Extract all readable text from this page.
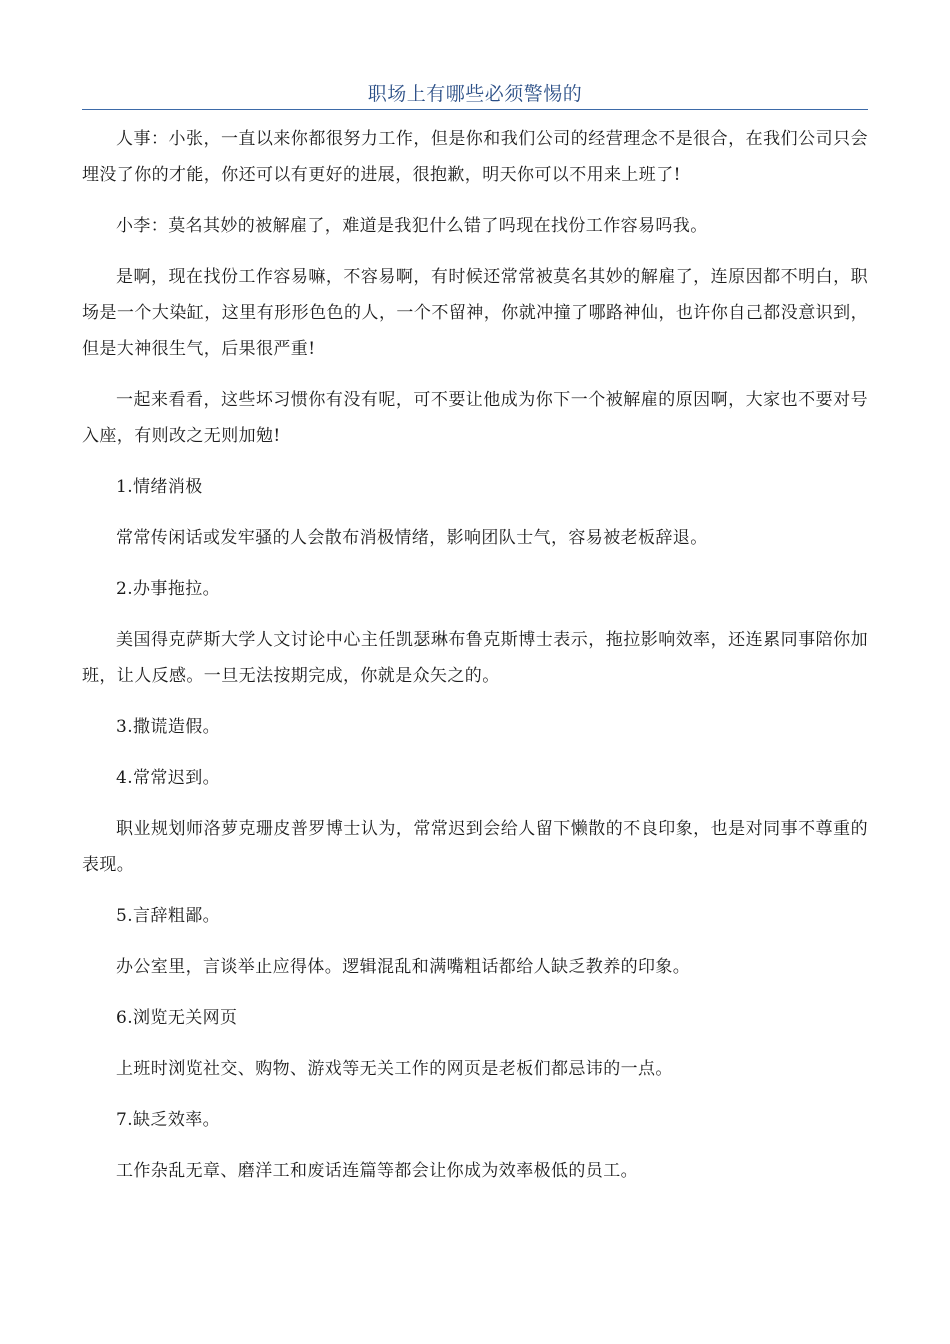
职场上有哪些必须警惕的

人事：小张，一直以来你都很努力工作，但是你和我们公司的经营理念不是很合，在我们公司只会埋没了你的才能，你还可以有更好的进展，很抱歉，明天你可以不用来上班了!

小李：莫名其妙的被解雇了，难道是我犯什么错了吗现在找份工作容易吗我。

是啊，现在找份工作容易嘛，不容易啊，有时候还常常被莫名其妙的解雇了，连原因都不明白，职场是一个大染缸，这里有形形色色的人，一个不留神，你就冲撞了哪路神仙，也许你自己都没意识到，但是大神很生气，后果很严重!

一起来看看，这些坏习惯你有没有呢，可不要让他成为你下一个被解雇的原因啊，大家也不要对号入座，有则改之无则加勉!

1.情绪消极

常常传闲话或发牢骚的人会散布消极情绪，影响团队士气，容易被老板辞退。

2.办事拖拉。

美国得克萨斯大学人文讨论中心主任凯瑟琳布鲁克斯博士表示，拖拉影响效率，还连累同事陪你加班，让人反感。一旦无法按期完成，你就是众矢之的。

3.撒谎造假。

4.常常迟到。

职业规划师洛萝克珊皮普罗博士认为，常常迟到会给人留下懒散的不良印象，也是对同事不尊重的表现。

5.言辞粗鄙。

办公室里，言谈举止应得体。逻辑混乱和满嘴粗话都给人缺乏教养的印象。

6.浏览无关网页

上班时浏览社交、购物、游戏等无关工作的网页是老板们都忌讳的一点。

7.缺乏效率。

工作杂乱无章、磨洋工和废话连篇等都会让你成为效率极低的员工。
